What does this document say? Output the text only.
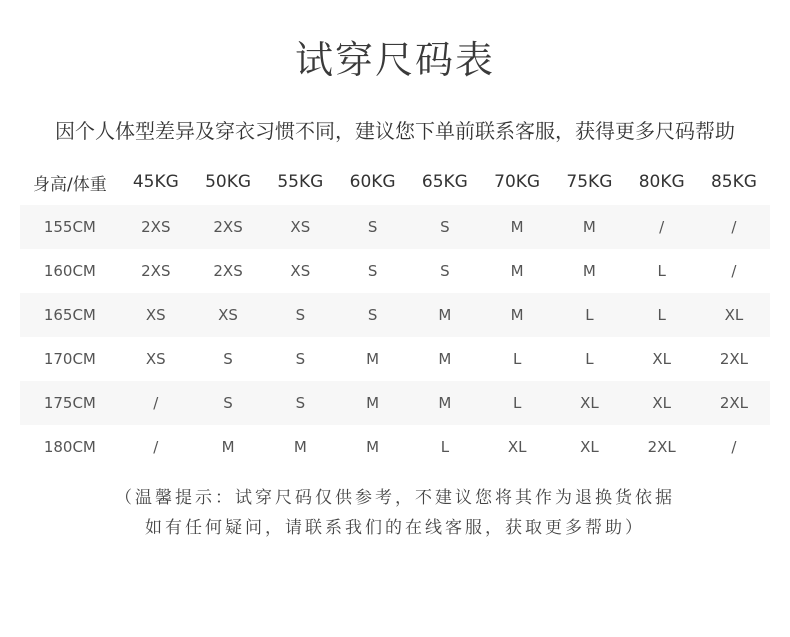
试穿尺码表
因个人体型差异及穿衣习惯不同，建议您下单前联系客服，获得更多尺码帮助
身高/体重	45KG	50KG	55KG	60KG	65KG	70KG	75KG	80KG	85KG
155CM	2XS	2XS	XS	S	S	M	M	/	/
160CM	2XS	2XS	XS	S	S	M	M	L	/
165CM	XS	XS	S	S	M	M	L	L	XL
170CM	XS	S	S	M	M	L	L	XL	2XL
175CM	/	S	S	M	M	L	XL	XL	2XL
180CM	/	M	M	M	L	XL	XL	2XL	/
（温馨提示：试穿尺码仅供参考，不建议您将其作为退换货依据
如有任何疑问，请联系我们的在线客服，获取更多帮助）
